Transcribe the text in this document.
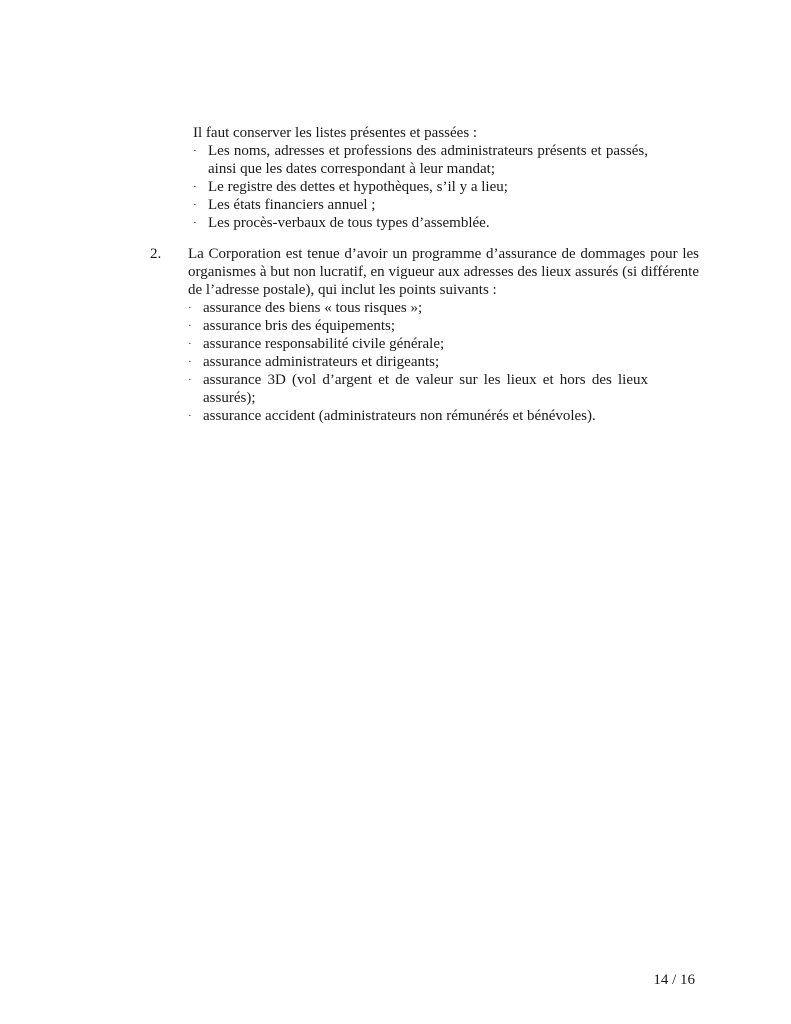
Il faut conserver les listes présentes et passées :

· Les noms, adresses et professions des administrateurs présents et passés, ainsi que les dates correspondant à leur mandat;
· Le registre des dettes et hypothèques, s’il y a lieu;
· Les états financiers annuel ;
· Les procès-verbaux de tous types d’assemblée.
2.	La Corporation est tenue d’avoir un programme d’assurance de dommages pour les organismes à but non lucratif, en vigueur aux adresses des lieux assurés (si différente de l’adresse postale), qui inclut les points suivants :

· assurance des biens « tous risques »;
· assurance bris des équipements;
· assurance responsabilité civile générale;
· assurance administrateurs et dirigeants;
· assurance 3D (vol d’argent et de valeur sur les lieux et hors des lieux assurés);
· assurance accident (administrateurs non rémunérés et bénévoles).
14 / 16
